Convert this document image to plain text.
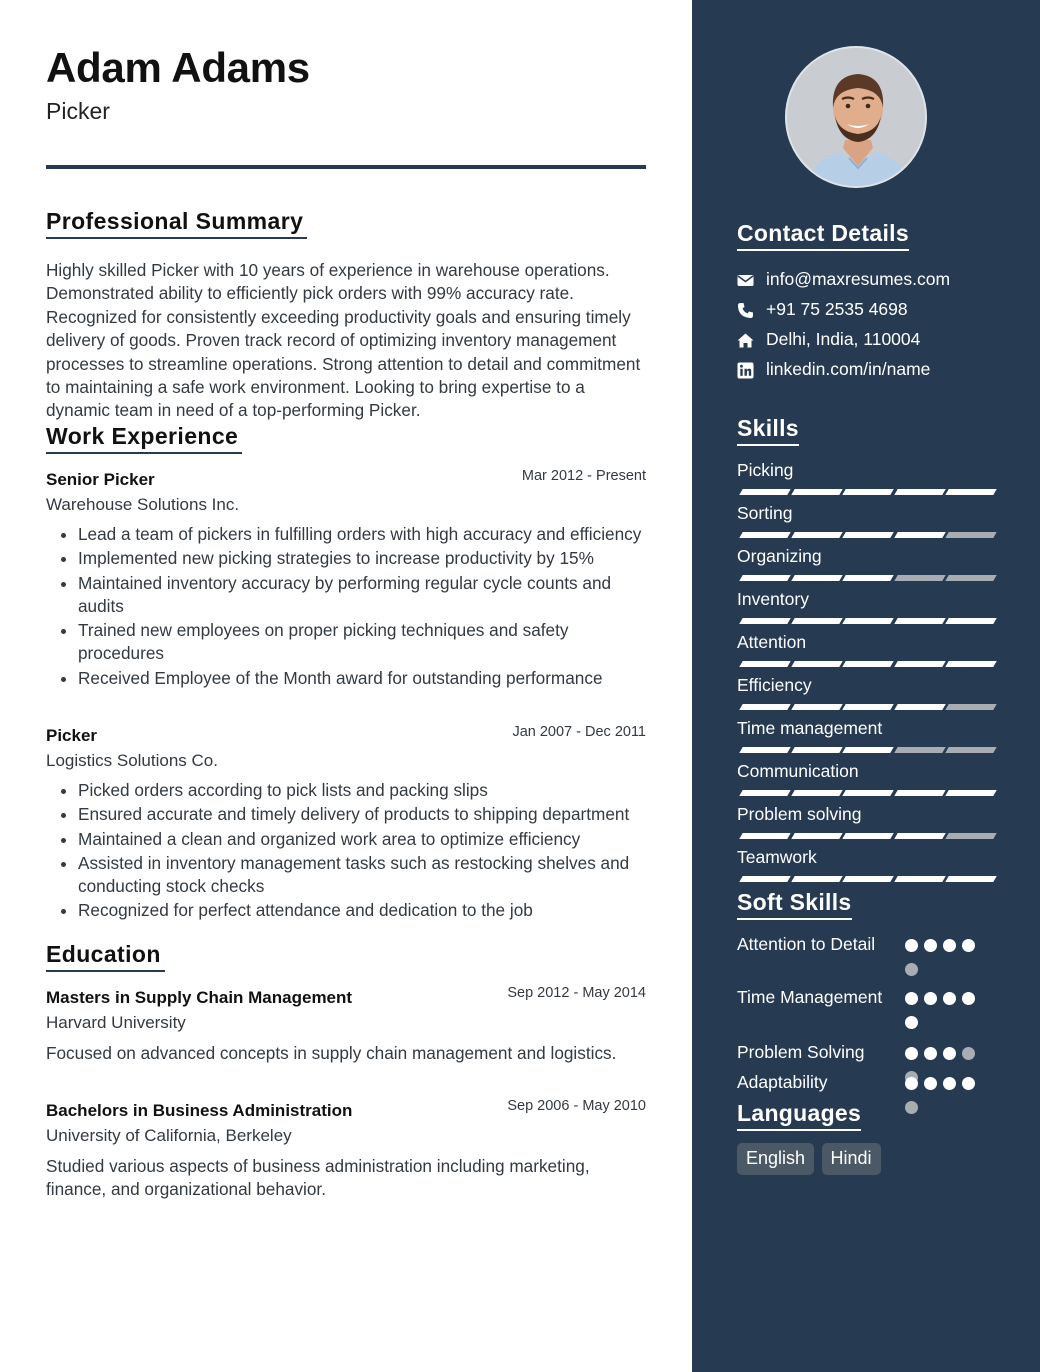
Adam Adams
Picker
Professional Summary
Highly skilled Picker with 10 years of experience in warehouse operations. Demonstrated ability to efficiently pick orders with 99% accuracy rate. Recognized for consistently exceeding productivity goals and ensuring timely delivery of goods. Proven track record of optimizing inventory management processes to streamline operations. Strong attention to detail and commitment to maintaining a safe work environment. Looking to bring expertise to a dynamic team in need of a top-performing Picker.
Work Experience
Senior Picker	Mar 2012 - Present
Warehouse Solutions Inc.
• Lead a team of pickers in fulfilling orders with high accuracy and efficiency
• Implemented new picking strategies to increase productivity by 15%
• Maintained inventory accuracy by performing regular cycle counts and audits
• Trained new employees on proper picking techniques and safety procedures
• Received Employee of the Month award for outstanding performance
Picker	Jan 2007 - Dec 2011
Logistics Solutions Co.
• Picked orders according to pick lists and packing slips
• Ensured accurate and timely delivery of products to shipping department
• Maintained a clean and organized work area to optimize efficiency
• Assisted in inventory management tasks such as restocking shelves and conducting stock checks
• Recognized for perfect attendance and dedication to the job
Education
Masters in Supply Chain Management	Sep 2012 - May 2014
Harvard University
Focused on advanced concepts in supply chain management and logistics.
Bachelors in Business Administration	Sep 2006 - May 2010
University of California, Berkeley
Studied various aspects of business administration including marketing, finance, and organizational behavior.
Contact Details
info@maxresumes.com
+91 75 2535 4698
Delhi, India, 110004
linkedin.com/in/name
Skills
Picking
Sorting
Organizing
Inventory
Attention
Efficiency
Time management
Communication
Problem solving
Teamwork
Soft Skills
Attention to Detail
Time Management
Problem Solving
Adaptability
Languages
English Hindi
